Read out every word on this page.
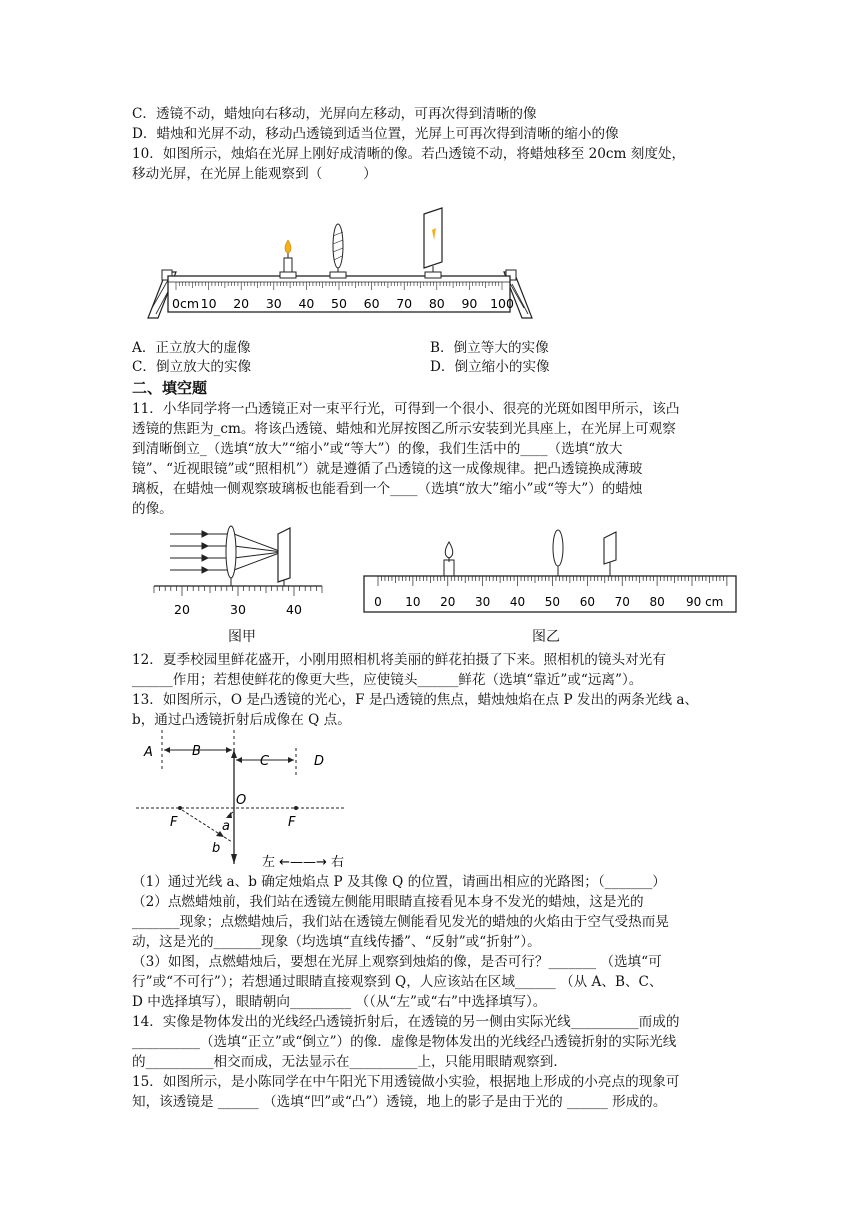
C．透镜不动，蜡烛向右移动，光屏向左移动，可再次得到清晰的像
D．蜡烛和光屏不动，移动凸透镜到适当位置，光屏上可再次得到清晰的缩小的像
10．如图所示，烛焰在光屏上刚好成清晰的像。若凸透镜不动，将蜡烛移至 20cm 刻度处，
移动光屏，在光屏上能观察到（　　　）
0cm 10 20 30 40 50 60 70 80 90 100
A．正立放大的虚像	B．倒立等大的实像
C．倒立放大的实像	D．倒立缩小的实像
二、填空题
11．小华同学将一凸透镜正对一束平行光，可得到一个很小、很亮的光斑如图甲所示，该凸
透镜的焦距为_cm。将该凸透镜、蜡烛和光屏按图乙所示安装到光具座上，在光屏上可观察
到清晰倒立_（选填“放大”“缩小”或“等大”）的像，我们生活中的____（选填“放大
镜”、“近视眼镜”或“照相机”）就是遵循了凸透镜的这一成像规律。把凸透镜换成薄玻
璃板，在蜡烛一侧观察玻璃板也能看到一个____（选填“放大”缩小”或“等大”）的蜡烛
的像。
20	30	40
图甲
0 10 20 30 40 50 60 70 80 90 cm
图乙
12．夏季校园里鲜花盛开，小刚用照相机将美丽的鲜花拍摄了下来。照相机的镜头对光有
______作用；若想使鲜花的像更大些，应使镜头______鲜花（选填“靠近”或“远离”）。
13．如图所示，O 是凸透镜的光心，F 是凸透镜的焦点，蜡烛烛焰在点 P 发出的两条光线 a、
b，通过凸透镜折射后成像在 Q 点。
A	B
C	D
O
F	F
a
b
左 ←——→ 右
（1）通过光线 a、b 确定烛焰点 P 及其像 Q 的位置，请画出相应的光路图；（_______）
（2）点燃蜡烛前，我们站在透镜左侧能用眼睛直接看见本身不发光的蜡烛，这是光的
_______现象；点燃蜡烛后，我们站在透镜左侧能看见发光的蜡烛的火焰由于空气受热而晃
动，这是光的_______现象（均选填“直线传播”、“反射”或“折射”）。
（3）如图，点燃蜡烛后，要想在光屏上观察到烛焰的像，是否可行？_______ （选填“可
行”或“不可行”）；若想通过眼睛直接观察到 Q，人应该站在区域______ （从 A、B、C、
D 中选择填写），眼睛朝向_________ （（从“左”或“右”中选择填写）。
14．实像是物体发出的光线经凸透镜折射后，在透镜的另一侧由实际光线__________而成的
__________（选填“正立”或“倒立”）的像．虚像是物体发出的光线经凸透镜折射的实际光线
的__________相交而成，无法显示在__________上，只能用眼睛观察到．
15．如图所示，是小陈同学在中午阳光下用透镜做小实验，根据地上形成的小亮点的现象可
知，该透镜是 ______ （选填“凹”或“凸”）透镜，地上的影子是由于光的 ______ 形成的。
